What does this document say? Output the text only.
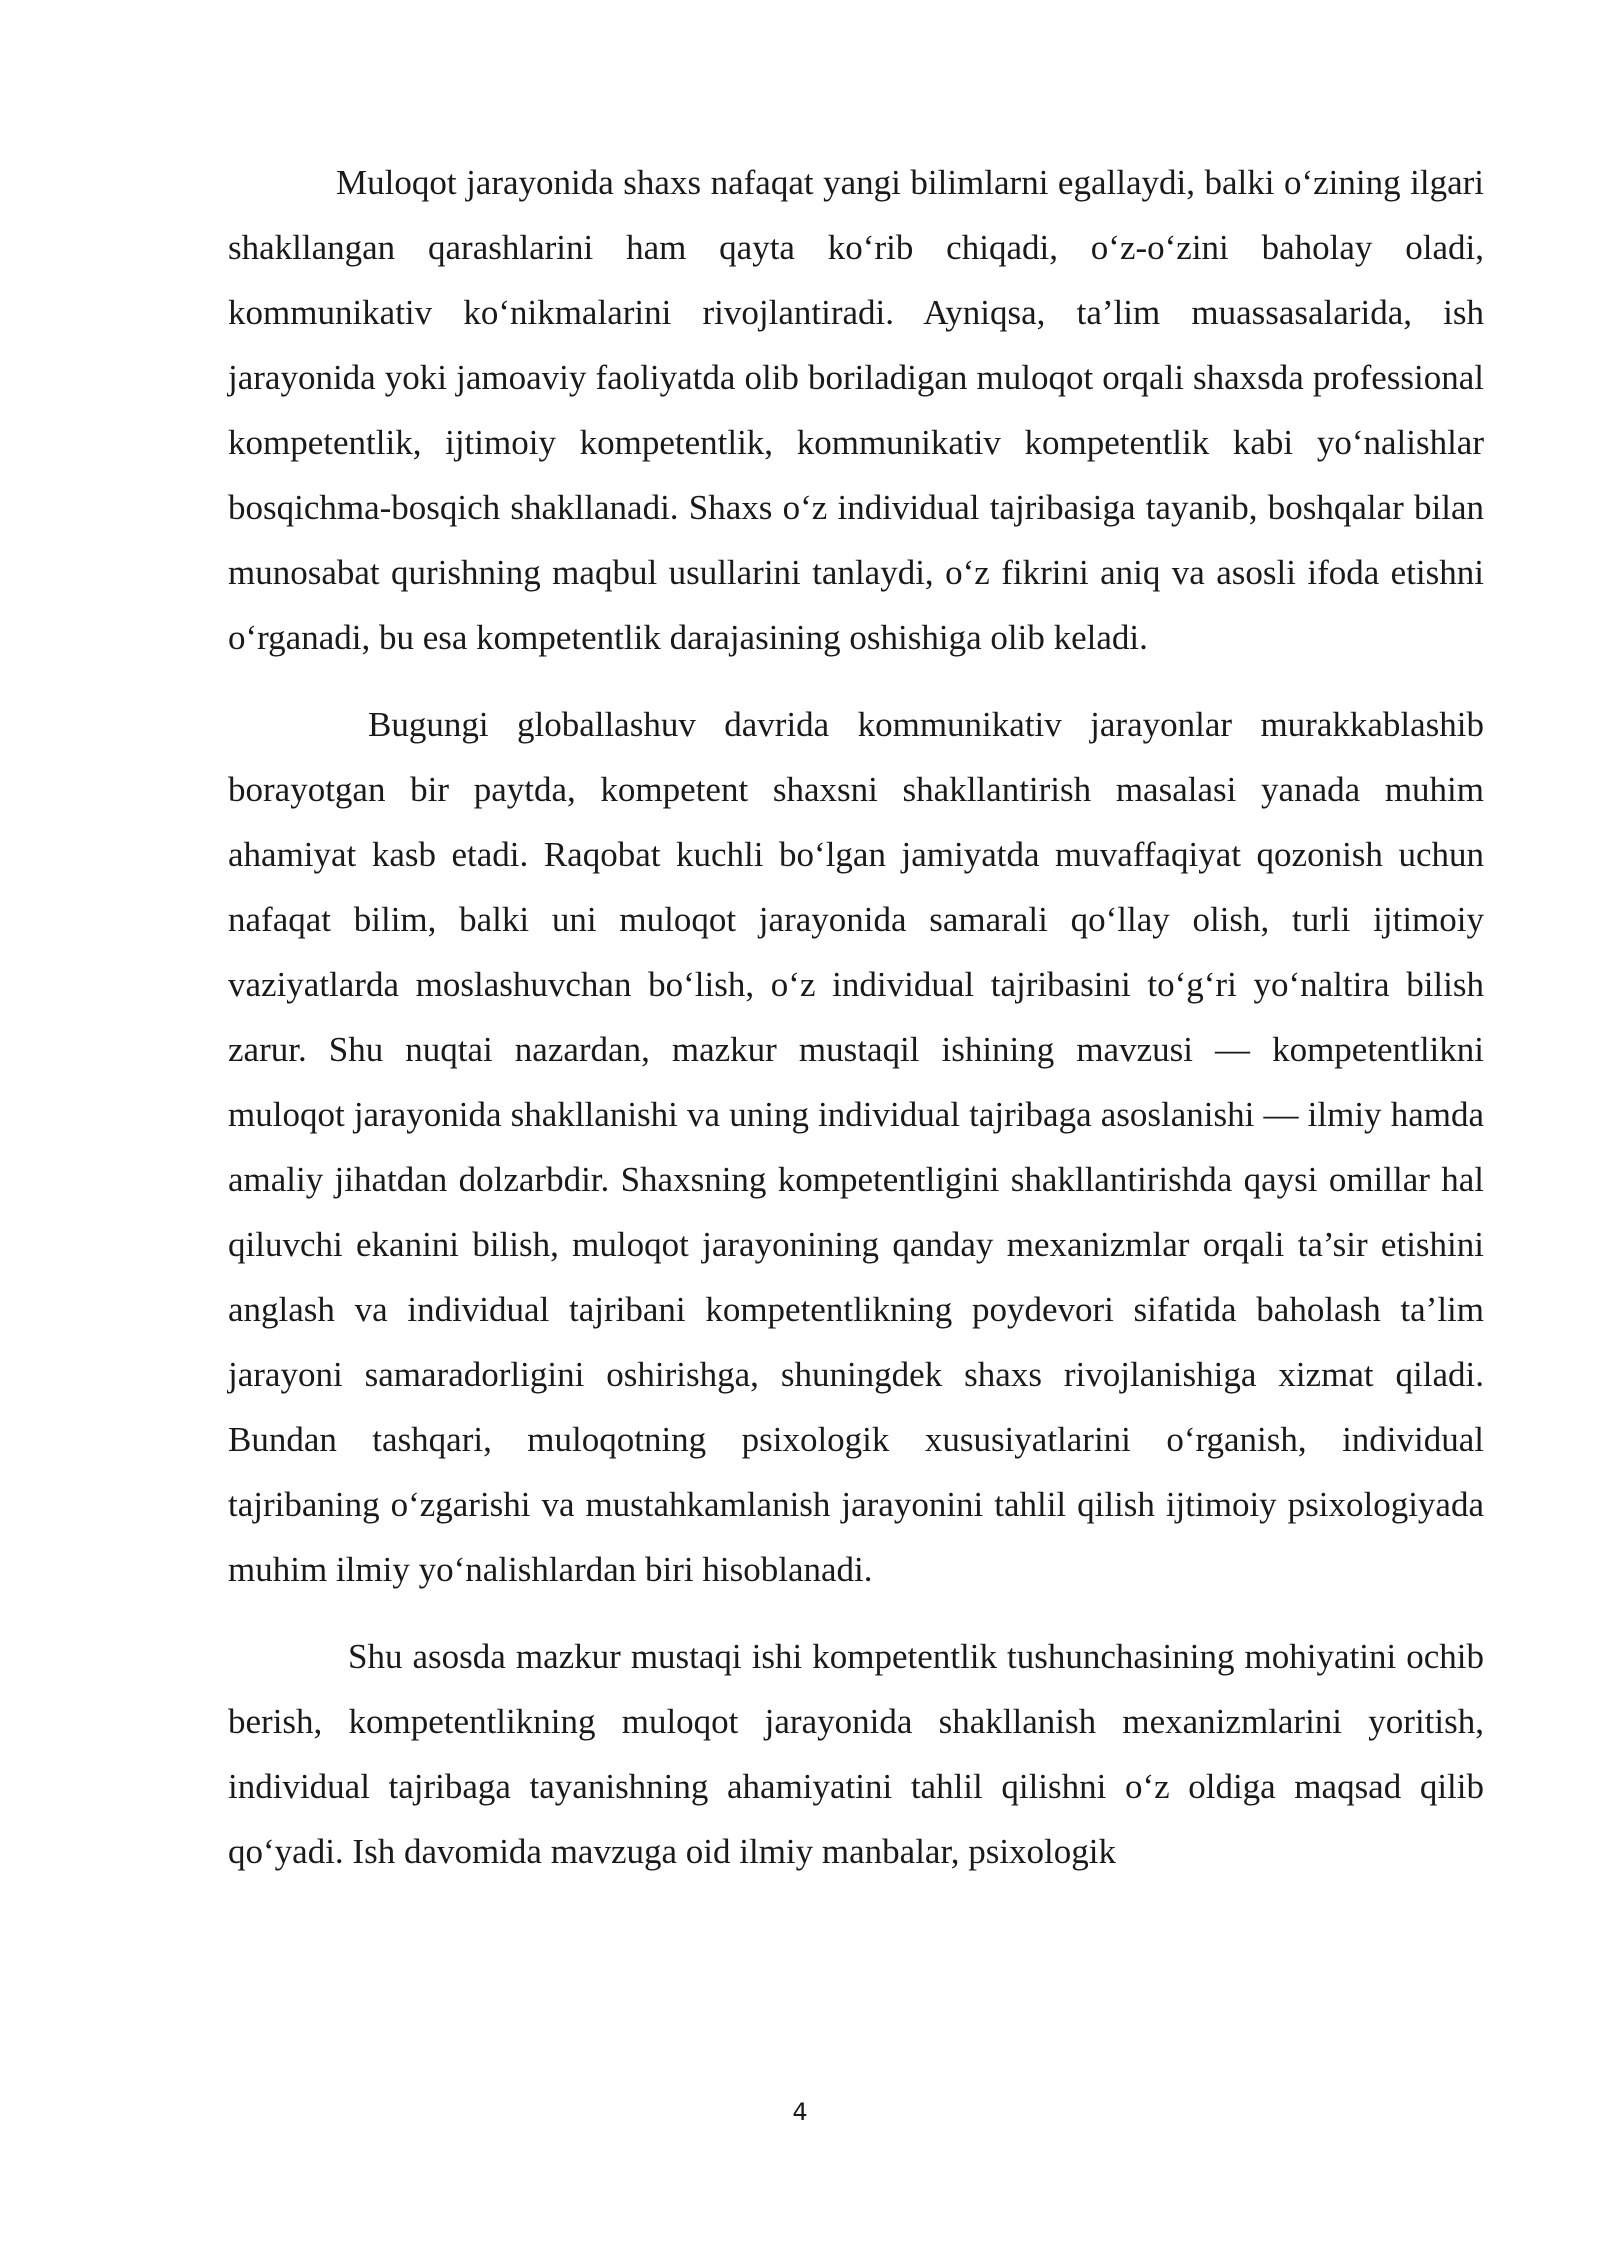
Muloqot jarayonida shaxs nafaqat yangi bilimlarni egallaydi, balki o‘zining ilgari shakllangan qarashlarini ham qayta ko‘rib chiqadi, o‘z-o‘zini baholay oladi, kommunikativ ko‘nikmalarini rivojlantiradi. Ayniqsa, ta’lim muassasalarida, ish jarayonida yoki jamoaviy faoliyatda olib boriladigan muloqot orqali shaxsda professional kompetentlik, ijtimoiy kompetentlik, kommunikativ kompetentlik kabi yo‘nalishlar bosqichma-bosqich shakllanadi. Shaxs o‘z individual tajribasiga tayanib, boshqalar bilan munosabat qurishning maqbul usullarini tanlaydi, o‘z fikrini aniq va asosli ifoda etishni o‘rganadi, bu esa kompetentlik darajasining oshishiga olib keladi.

Bugungi globallashuv davrida kommunikativ jarayonlar murakkablashib borayotgan bir paytda, kompetent shaxsni shakllantirish masalasi yanada muhim ahamiyat kasb etadi. Raqobat kuchli bo‘lgan jamiyatda muvaffaqiyat qozonish uchun nafaqat bilim, balki uni muloqot jarayonida samarali qo‘llay olish, turli ijtimoiy vaziyatlarda moslashuvchan bo‘lish, o‘z individual tajribasini to‘g‘ri yo‘naltira bilish zarur. Shu nuqtai nazardan, mazkur mustaqil ishining mavzusi — kompetentlikni muloqot jarayonida shakllanishi va uning individual tajribaga asoslanishi — ilmiy hamda amaliy jihatdan dolzarbdir. Shaxsning kompetentligini shakllantirishda qaysi omillar hal qiluvchi ekanini bilish, muloqot jarayonining qanday mexanizmlar orqali ta’sir etishini anglash va individual tajribani kompetentlikning poydevori sifatida baholash ta’lim jarayoni samaradorligini oshirishga, shuningdek shaxs rivojlanishiga xizmat qiladi. Bundan tashqari, muloqotning psixologik xususiyatlarini o‘rganish, individual tajribaning o‘zgarishi va mustahkamlanish jarayonini tahlil qilish ijtimoiy psixologiyada muhim ilmiy yo‘nalishlardan biri hisoblanadi.

Shu asosda mazkur mustaqi ishi kompetentlik tushunchasining mohiyatini ochib berish, kompetentlikning muloqot jarayonida shakllanish mexanizmlarini yoritish, individual tajribaga tayanishning ahamiyatini tahlil qilishni o‘z oldiga maqsad qilib qo‘yadi. Ish davomida mavzuga oid ilmiy manbalar, psixologik

4
